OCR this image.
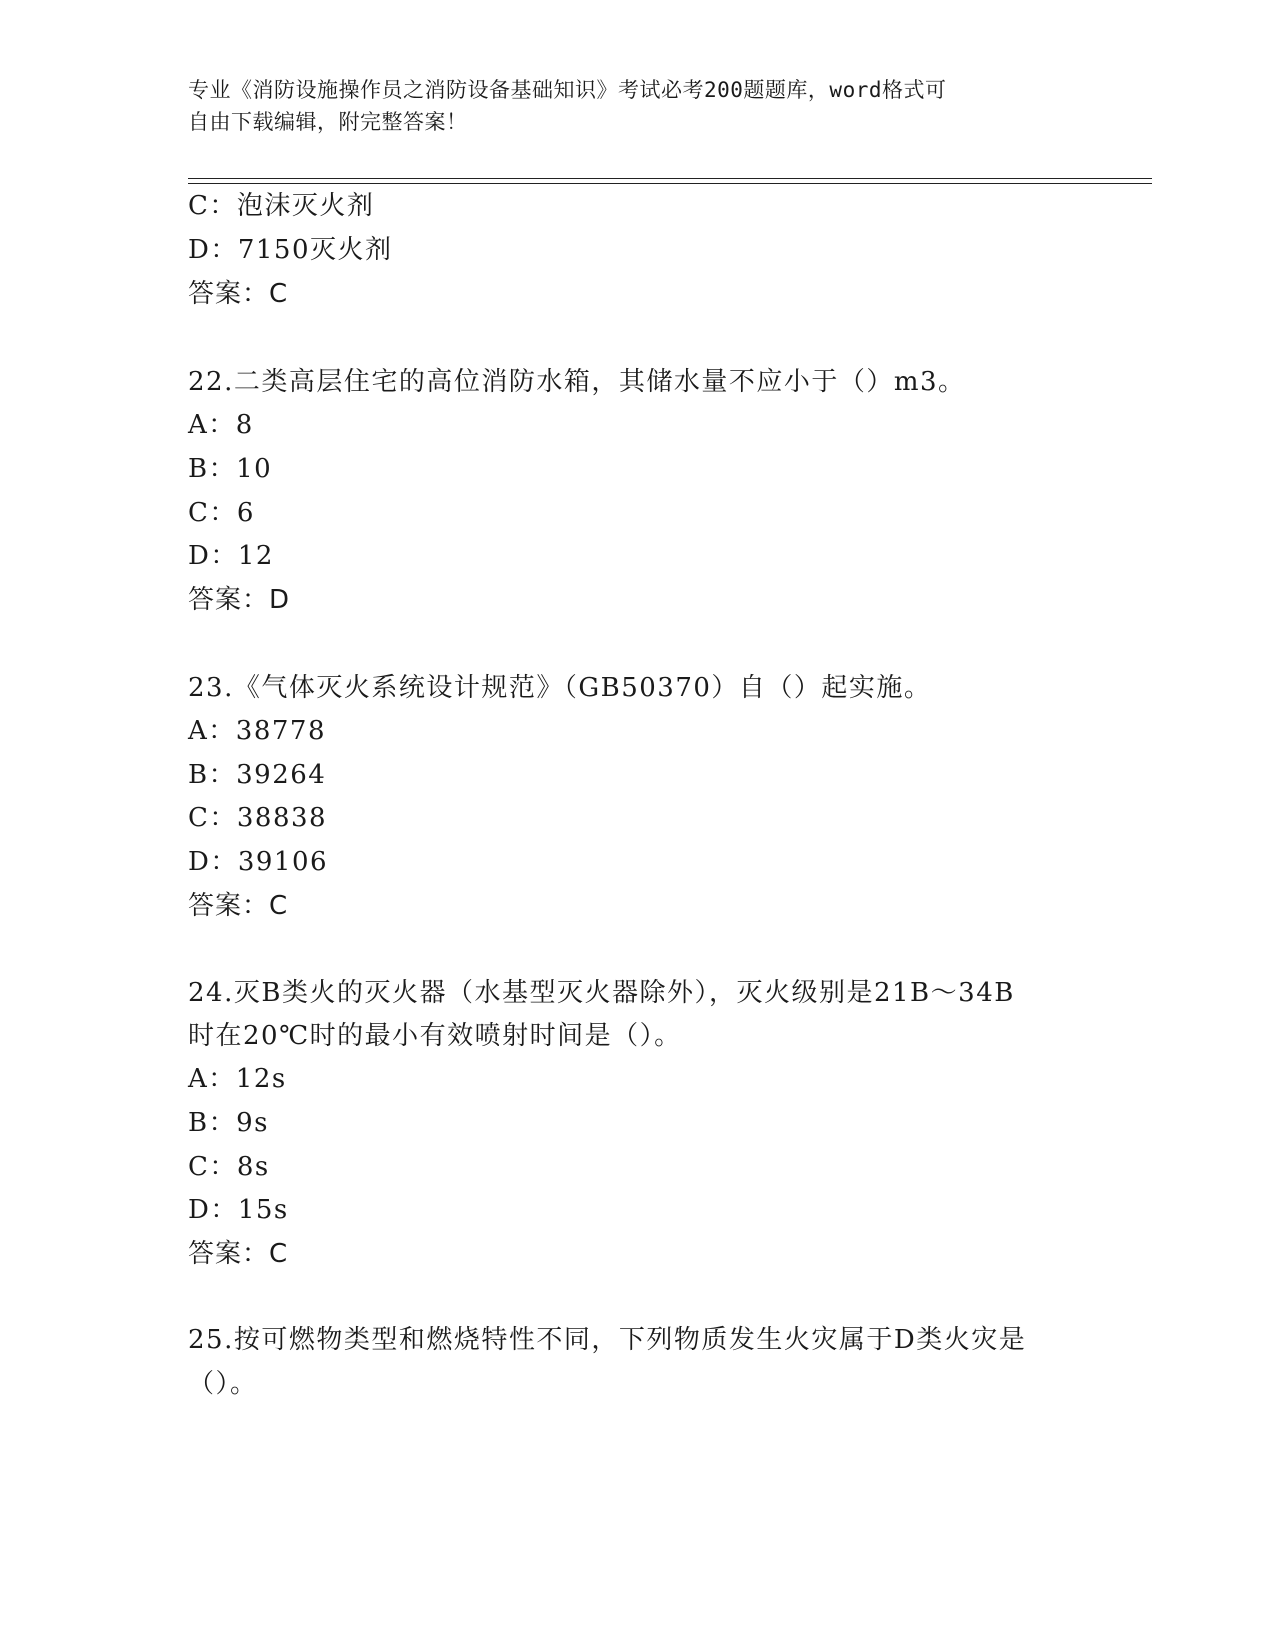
专业《消防设施操作员之消防设备基础知识》考试必考200题题库，word格式可
自由下载编辑，附完整答案！
C：泡沫灭火剂
D：7150灭火剂
答案：C
22.二类高层住宅的高位消防水箱，其储水量不应小于（）m3。
A：8
B：10
C：6
D：12
答案：D
23.《气体灭火系统设计规范》（GB50370）自（）起实施。
A：38778
B：39264
C：38838
D：39106
答案：C
24.灭B类火的灭火器（水基型灭火器除外），灭火级别是21B～34B
时在20℃时的最小有效喷射时间是（）。
A：12s
B：9s
C：8s
D：15s
答案：C
25.按可燃物类型和燃烧特性不同，下列物质发生火灾属于D类火灾是
（）。
